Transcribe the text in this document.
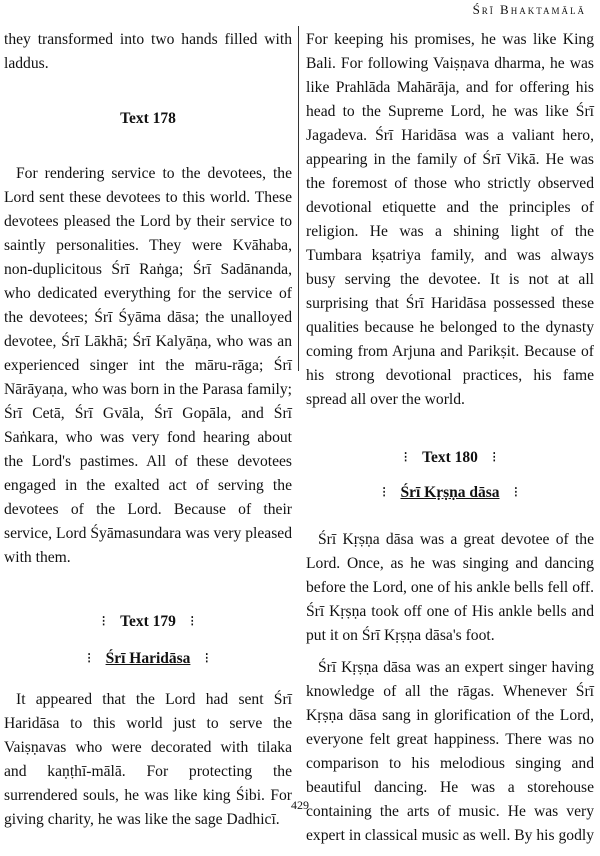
Śrī Bhaktamālā

they transformed into two hands filled with laddus.

Text 178

For rendering service to the devotees, the Lord sent these devotees to this world. These devotees pleased the Lord by their service to saintly personalities. They were Kvāhaba, non-duplicitous Śrī Raṅga; Śrī Sadānanda, who dedicated everything for the service of the devotees; Śrī Śyāma dāsa; the unalloyed devotee, Śrī Lākhā; Śrī Kalyāṇa, who was an experienced singer int the māru-rāga; Śrī Nārāyaṇa, who was born in the Parasa family; Śrī Cetā, Śrī Gvāla, Śrī Gopāla, and Śrī Saṅkara, who was very fond hearing about the Lord's pastimes. All of these devotees engaged in the exalted act of serving the devotees of the Lord. Because of their service, Lord Śyāmasundara was very pleased with them.

⁝ Text 179 ⁝
⁝ Śrī Haridāsa ⁝

It appeared that the Lord had sent Śrī Haridāsa to this world just to serve the Vaiṣṇavas who were decorated with tilaka and kaṇṭhī-mālā. For protecting the surrendered souls, he was like king Śibi. For giving charity, he was like the sage Dadhicī.

For keeping his promises, he was like King Bali. For following Vaiṣṇava dharma, he was like Prahlāda Mahārāja, and for offering his head to the Supreme Lord, he was like Śrī Jagadeva. Śrī Haridāsa was a valiant hero, appearing in the family of Śrī Vikā. He was the foremost of those who strictly observed devotional etiquette and the principles of religion. He was a shining light of the Tumbara kṣatriya family, and was always busy serving the devotee. It is not at all surprising that Śrī Haridāsa possessed these qualities because he belonged to the dynasty coming from Arjuna and Parikṣit. Because of his strong devotional practices, his fame spread all over the world.

⁝ Text 180 ⁝
⁝ Śrī Kṛṣṇa dāsa ⁝

Śrī Kṛṣṇa dāsa was a great devotee of the Lord. Once, as he was singing and dancing before the Lord, one of his ankle bells fell off. Śrī Kṛṣṇa took off one of His ankle bells and put it on Śrī Kṛṣṇa dāsa's foot.

Śrī Kṛṣṇa dāsa was an expert singer having knowledge of all the rāgas. Whenever Śrī Kṛṣṇa dāsa sang in glorification of the Lord, everyone felt great happiness. There was no comparison to his melodious singing and beautiful dancing. He was a storehouse containing the arts of music. He was very expert in classical music as well. By his godly

429
